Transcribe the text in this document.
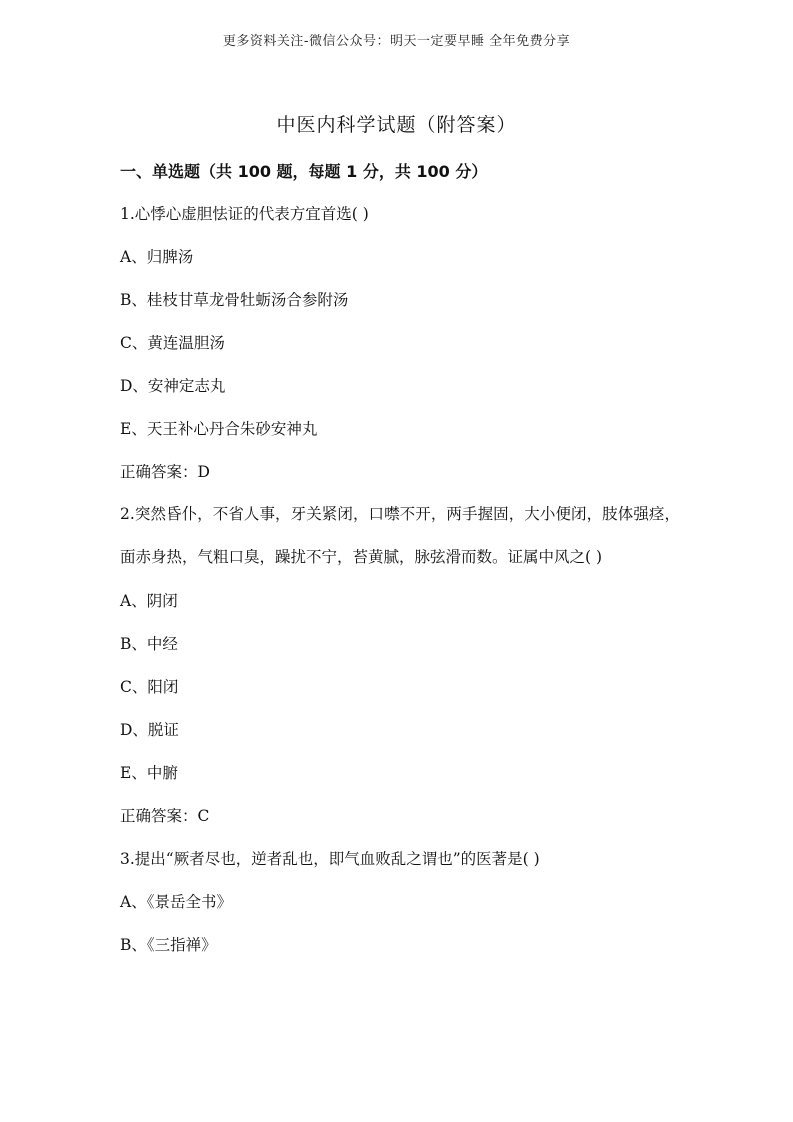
更多资料关注-微信公众号：明天一定要早睡 全年免费分享
中医内科学试题（附答案）
一、单选题（共 100 题，每题 1 分，共 100 分）
1.心悸心虚胆怯证的代表方宜首选( )
A、归脾汤
B、桂枝甘草龙骨牡蛎汤合参附汤
C、黄连温胆汤
D、安神定志丸
E、天王补心丹合朱砂安神丸
正确答案：D
2.突然昏仆，不省人事，牙关紧闭，口噤不开，两手握固，大小便闭，肢体强痉，面赤身热，气粗口臭，躁扰不宁，苔黄腻，脉弦滑而数。证属中风之( )
A、阴闭
B、中经
C、阳闭
D、脱证
E、中腑
正确答案：C
3.提出“厥者尽也，逆者乱也，即气血败乱之谓也”的医著是( )
A、《景岳全书》
B、《三指禅》
